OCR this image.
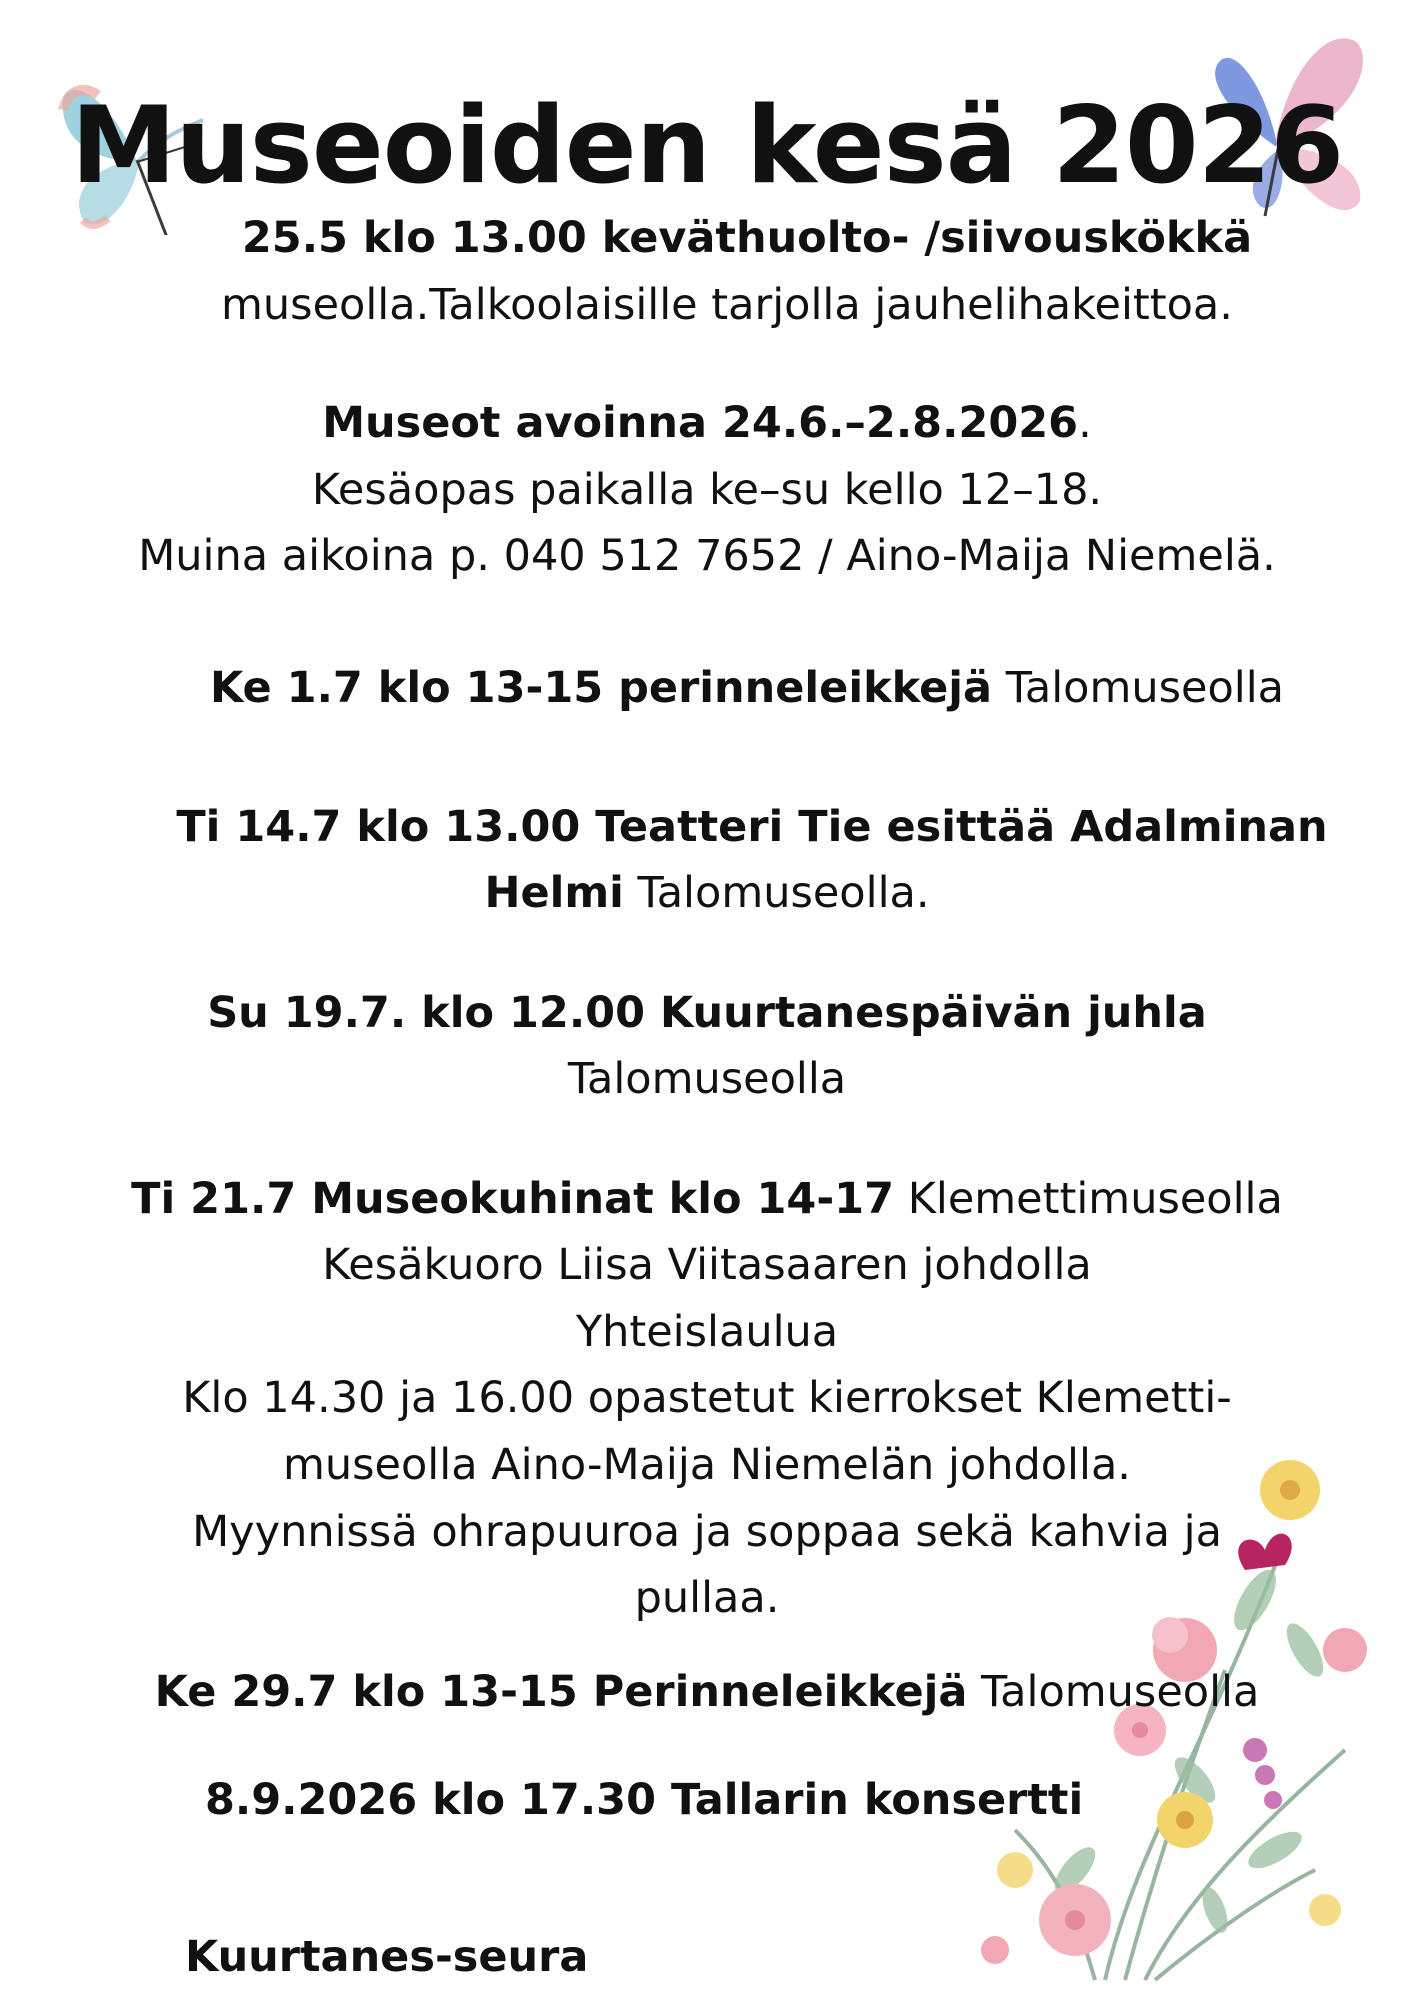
Museoiden kesä 2026
25.5 klo 13.00 keväthuolto- /siivouskökkä
museolla.Talkoolaisille tarjolla jauhelihakeittoa.
Museot avoinna 24.6.–2.8.2026.
Kesäopas paikalla ke–su kello 12–18.
Muina aikoina p. 040 512 7652 / Aino-Maija Niemelä.
Ke 1.7 klo 13-15 perinneleikkejä Talomuseolla
Ti 14.7 klo 13.00 Teatteri Tie esittää Adalminan
Helmi Talomuseolla.
Su 19.7. klo 12.00 Kuurtanespäivän juhla
Talomuseolla
Ti 21.7 Museokuhinat klo 14-17 Klemettimuseolla
Kesäkuoro Liisa Viitasaaren johdolla
Yhteislaulua
Klo 14.30 ja 16.00 opastetut kierrokset Klemetti-
museolla Aino-Maija Niemelän johdolla.
Myynnissä ohrapuuroa ja soppaa sekä kahvia ja
pullaa.
Ke 29.7 klo 13-15 Perinneleikkejä Talomuseolla
8.9.2026 klo 17.30 Tallarin konsertti
Kuurtanes-seura
